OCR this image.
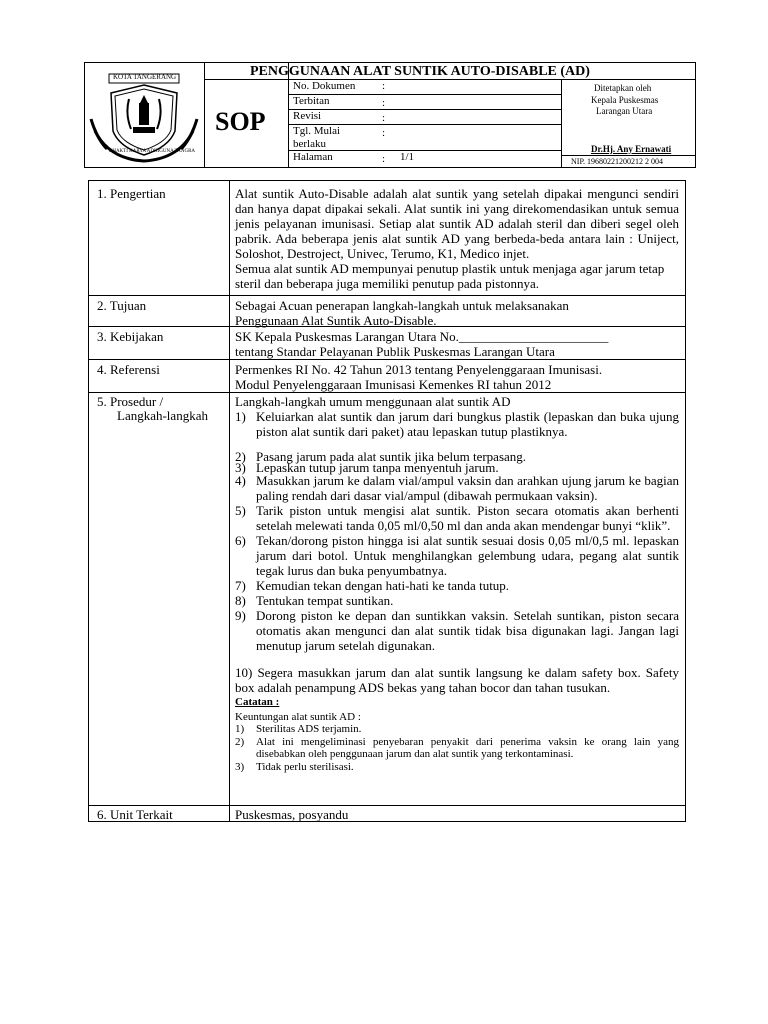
KOTA TANGERANG
BHAKTI KARYA ADHIGUNA TANGRA
SOP
PENGGUNAAN ALAT SUNTIK AUTO-DISABLE (AD)
No. Dokumen :
Terbitan	:
Revisi	:
Tgl. Mulai
berlaku
:
Halaman	: 1/1
Ditetapkan oleh
Kepala Puskesmas
Larangan Utara
Dr.Hj. Any Ernawati
NIP. 19680221200212 2 004
1. Pengertian	Alat suntik Auto-Disable adalah alat suntik yang setelah dipakai mengunci sendiri dan hanya dapat dipakai sekali. Alat suntik ini yang direkomendasikan untuk semua jenis pelayanan imunisasi. Setiap alat suntik AD adalah steril dan diberi segel oleh pabrik. Ada beberapa jenis alat suntik AD yang berbeda-beda antara lain : Uniject, Soloshot, Destroject, Univec, Terumo, K1, Medico injet.
Semua alat suntik AD mempunyai penutup plastik untuk menjaga agar jarum tetap steril dan beberapa juga memiliki penutup pada pistonnya.
2. Tujuan	Sebagai Acuan penerapan langkah-langkah untuk melaksanakan
Penggunaan Alat Suntik Auto-Disable.
3. Kebijakan	SK Kepala Puskesmas Larangan Utara No._______________________
tentang Standar Pelayanan Publik Puskesmas Larangan Utara
4. Referensi	Permenkes RI No. 42 Tahun 2013 tentang Penyelenggaraan Imunisasi.
Modul Penyelenggaraan Imunisasi Kemenkes RI tahun 2012
5. Prosedur /
Langkah-langkah
Langkah-langkah umum menggunaan alat suntik AD
1) Keluiarkan alat suntik dan jarum dari bungkus plastik (lepaskan dan buka ujung piston alat suntik dari paket) atau lepaskan tutup plastiknya.
2) Pasang jarum pada alat suntik jika belum terpasang.
3) Lepaskan tutup jarum tanpa menyentuh jarum.
4) Masukkan jarum ke dalam vial/ampul vaksin dan arahkan ujung jarum ke bagian paling rendah dari dasar vial/ampul (dibawah permukaan vaksin).
5) Tarik piston untuk mengisi alat suntik. Piston secara otomatis akan berhenti setelah melewati tanda 0,05 ml/0,50 ml dan anda akan mendengar bunyi “klik”.
6) Tekan/dorong piston hingga isi alat suntik sesuai dosis 0,05 ml/0,5 ml. lepaskan jarum dari botol. Untuk menghilangkan gelembung udara, pegang alat suntik tegak lurus dan buka penyumbatnya.
7) Kemudian tekan dengan hati-hati ke tanda tutup.
8) Tentukan tempat suntikan.
9) Dorong piston ke depan dan suntikkan vaksin. Setelah suntikan, piston secara otomatis akan mengunci dan alat suntik tidak bisa digunakan lagi. Jangan lagi menutup jarum setelah digunakan.
10) Segera masukkan jarum dan alat suntik langsung ke dalam safety box. Safety box adalah penampung ADS bekas yang tahan bocor dan tahan tusukan.
Catatan :
Keuntungan alat suntik AD :
1) Sterilitas ADS terjamin.
2) Alat ini mengeliminasi penyebaran penyakit dari penerima vaksin ke orang lain yang disebabkan oleh penggunaan jarum dan alat suntik yang terkontaminasi.
3) Tidak perlu sterilisasi.
6. Unit Terkait	Puskesmas, posyandu
